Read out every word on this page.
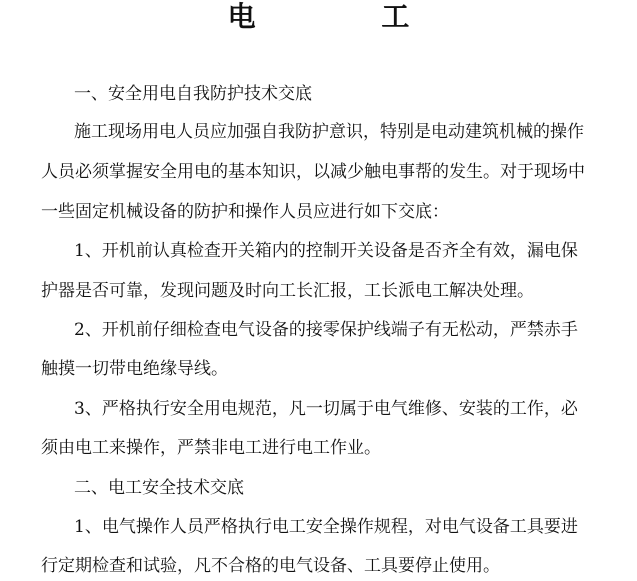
电 工
一、安全用电自我防护技术交底
施工现场用电人员应加强自我防护意识，特别是电动建筑机械的操作
人员必须掌握安全用电的基本知识，以减少触电事帮的发生。对于现场中
一些固定机械设备的防护和操作人员应进行如下交底：
1、开机前认真检查开关箱内的控制开关设备是否齐全有效，漏电保
护器是否可靠，发现问题及时向工长汇报，工长派电工解决处理。
2、开机前仔细检查电气设备的接零保护线端子有无松动，严禁赤手
触摸一切带电绝缘导线。
3、严格执行安全用电规范，凡一切属于电气维修、安装的工作，必
须由电工来操作，严禁非电工进行电工作业。
二、电工安全技术交底
1、电气操作人员严格执行电工安全操作规程，对电气设备工具要进
行定期检查和试验，凡不合格的电气设备、工具要停止使用。
